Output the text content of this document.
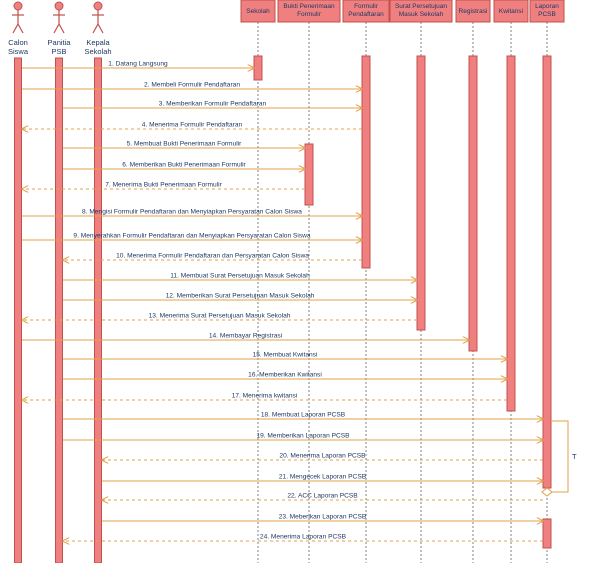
Calon
Siswa
Panitia
PSB
Kepala
Sekolah
Sekolah
Bukti Penerimaan
Formulir
Formulir
Pendaftaran
Surat Persetujuan
Masuk Sekolah Registrasi Kwitansi
Laporan
PCSB
1. Datang Langsung
2. Membeli Formulir Pendaftaran
3. Memberikan Formulir Pendaftaran
4. Menerima Formulir Pendaftaran
5. Membuat Bukti Penerimaan Formulir
6. Memberikan Bukti Penerimaan Formulir
7. Menerima Bukti Penerimaan Formulir
8. Mengisi Formulir Pendaftaran dan Menyiapkan Persyaratan Calon Siswa
9. Menyerahkan Formulir Pendaftaran dan Menyiapkan Persyaratan Calon Siswa
10. Menerima Formulir Pendaftaran dan Persyaratan Calon Siswa
11. Membuat Surat Persetujuan Masuk Sekolah
12. Memberikan Surat Persetujuan Masuk Sekolah
13. Menerima Surat Persetujuan Masuk Sekolah
14. Membayar Registrasi
15. Membuat Kwitansi
16. Memberikan Kwitansi
17. Menerima kwitansi
18. Membuat Laporan PCSB
19. Memberikan Laporan PCSB
20. Menerima Laporan PCSB
21. Mengecek Laporan PCSB
22. ACC Laporan PCSB
23. Meberikan Laporan PCSB
24. Menerima Laporan PCSB
T
